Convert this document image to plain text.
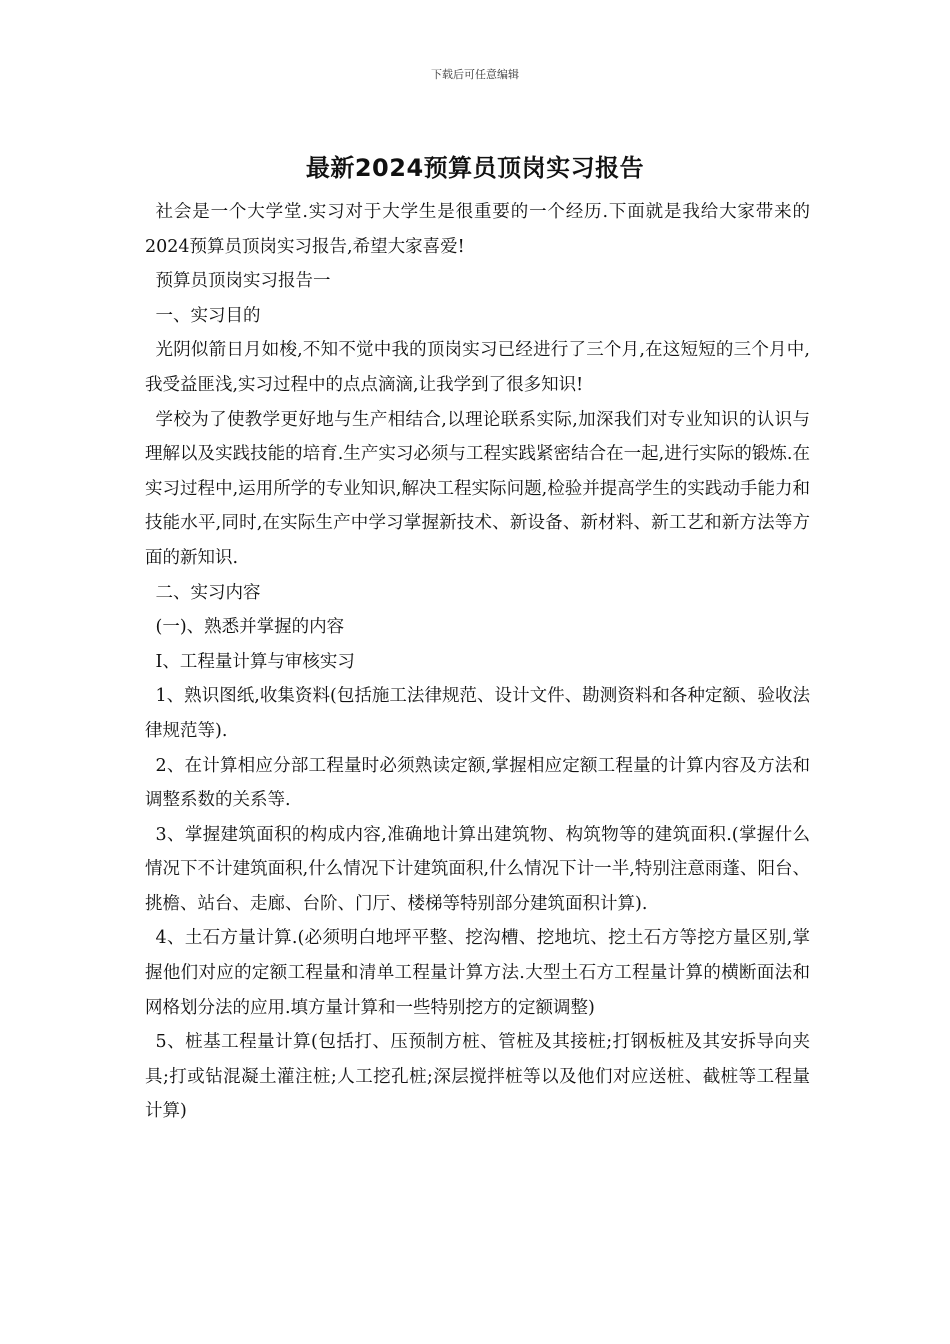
下载后可任意编辑
最新2024预算员顶岗实习报告

社会是一个大学堂.实习对于大学生是很重要的一个经历.下面就是我给大家带来的2024预算员顶岗实习报告,希望大家喜爱!

预算员顶岗实习报告一

一、实习目的

光阴似箭日月如梭,不知不觉中我的顶岗实习已经进行了三个月,在这短短的三个月中,我受益匪浅,实习过程中的点点滴滴,让我学到了很多知识!

学校为了使教学更好地与生产相结合,以理论联系实际,加深我们对专业知识的认识与理解以及实践技能的培育.生产实习必须与工程实践紧密结合在一起,进行实际的锻炼.在实习过程中,运用所学的专业知识,解决工程实际问题,检验并提高学生的实践动手能力和技能水平,同时,在实际生产中学习掌握新技术、新设备、新材料、新工艺和新方法等方面的新知识.

二、实习内容

(一)、熟悉并掌握的内容

I、工程量计算与审核实习

1、熟识图纸,收集资料(包括施工法律规范、设计文件、勘测资料和各种定额、验收法律规范等).

2、在计算相应分部工程量时必须熟读定额,掌握相应定额工程量的计算内容及方法和调整系数的关系等.

3、掌握建筑面积的构成内容,准确地计算出建筑物、构筑物等的建筑面积.(掌握什么情况下不计建筑面积,什么情况下计建筑面积,什么情况下计一半,特别注意雨蓬、阳台、挑檐、站台、走廊、台阶、门厅、楼梯等特别部分建筑面积计算).

4、土石方量计算.(必须明白地坪平整、挖沟槽、挖地坑、挖土石方等挖方量区别,掌握他们对应的定额工程量和清单工程量计算方法.大型土石方工程量计算的横断面法和网格划分法的应用.填方量计算和一些特别挖方的定额调整)

5、桩基工程量计算(包括打、压预制方桩、管桩及其接桩;打钢板桩及其安拆导向夹具;打或钻混凝土灌注桩;人工挖孔桩;深层搅拌桩等以及他们对应送桩、截桩等工程量计算)
